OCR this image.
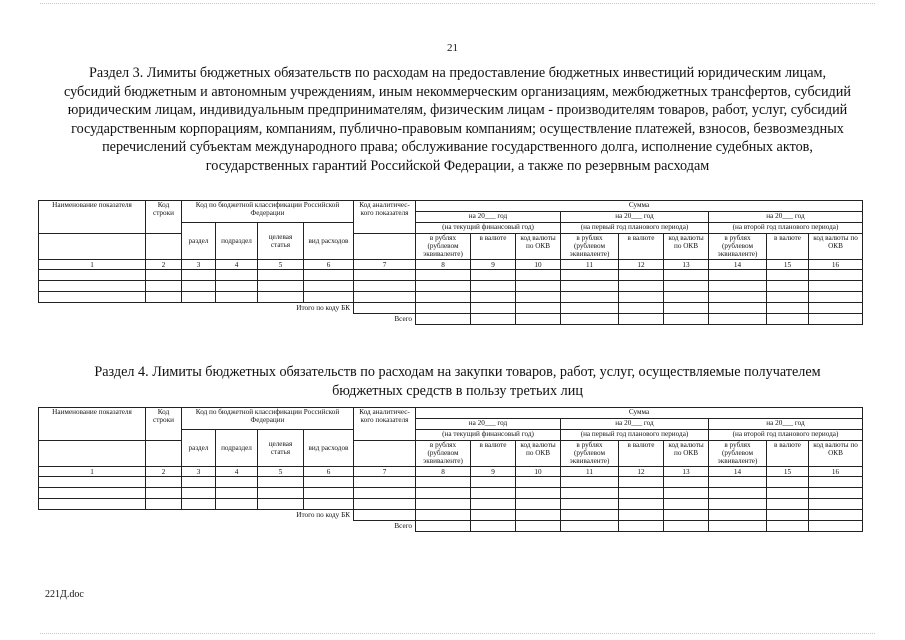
21
Раздел 3. Лимиты бюджетных обязательств по расходам на предоставление бюджетных инвестиций юридическим лицам, субсидий бюджетным и автономным учреждениям, иным некоммерческим организациям, межбюджетных трансфертов, субсидий юридическим лицам, индивидуальным предпринимателям, физическим лицам - производителям товаров, работ, услуг, субсидий государственным корпорациям, компаниям, публично-правовым компаниям; осуществление платежей, взносов, безвозмездных перечислений субъектам международного права; обслуживание государственного долга, исполнение судебных актов, государственных гарантий Российской Федерации, а также по резервным расходам
Наименование показателя	Код строки	Код по бюджетной классификации Российской Федерации				Код аналитичес-кого показателя	Сумма								
							на 20___ год			на 20___ год			на 20___ год		
		раздел	подраздел	целевая статья	вид расходов		(на текущий финансовый год)			(на первый год планового периода)			(на второй год планового периода)		
							в рублях (рублевом эквиваленте)	в валюте	код валюты по ОКВ	в рублях (рублевом эквиваленте)	в валюте	код валюты по ОКВ	в рублях (рублевом эквиваленте)	в валюте	код валюты по ОКВ
1	2	3	4	5	6	7	8	9	10	11	12	13	14	15	16

Итого по коду БК															
Всего															
Раздел 4. Лимиты бюджетных обязательств по расходам на закупки товаров, работ, услуг, осуществляемые получателем бюджетных средств в пользу третьих лиц
Наименование показателя	Код строки	Код по бюджетной классификации Российской Федерации				Код аналитичес-кого показателя	Сумма								
							на 20___ год			на 20___ год			на 20___ год		
		раздел	подраздел	целевая статья	вид расходов		(на текущий финансовый год)			(на первый год планового периода)			(на второй год планового периода)		
							в рублях (рублевом эквиваленте)	в валюте	код валюты по ОКВ	в рублях (рублевом эквиваленте)	в валюте	код валюты по ОКВ	в рублях (рублевом эквиваленте)	в валюте	код валюты по ОКВ
1	2	3	4	5	6	7	8	9	10	11	12	13	14	15	16

Итого по коду БК															
Всего															
221Д.doc
